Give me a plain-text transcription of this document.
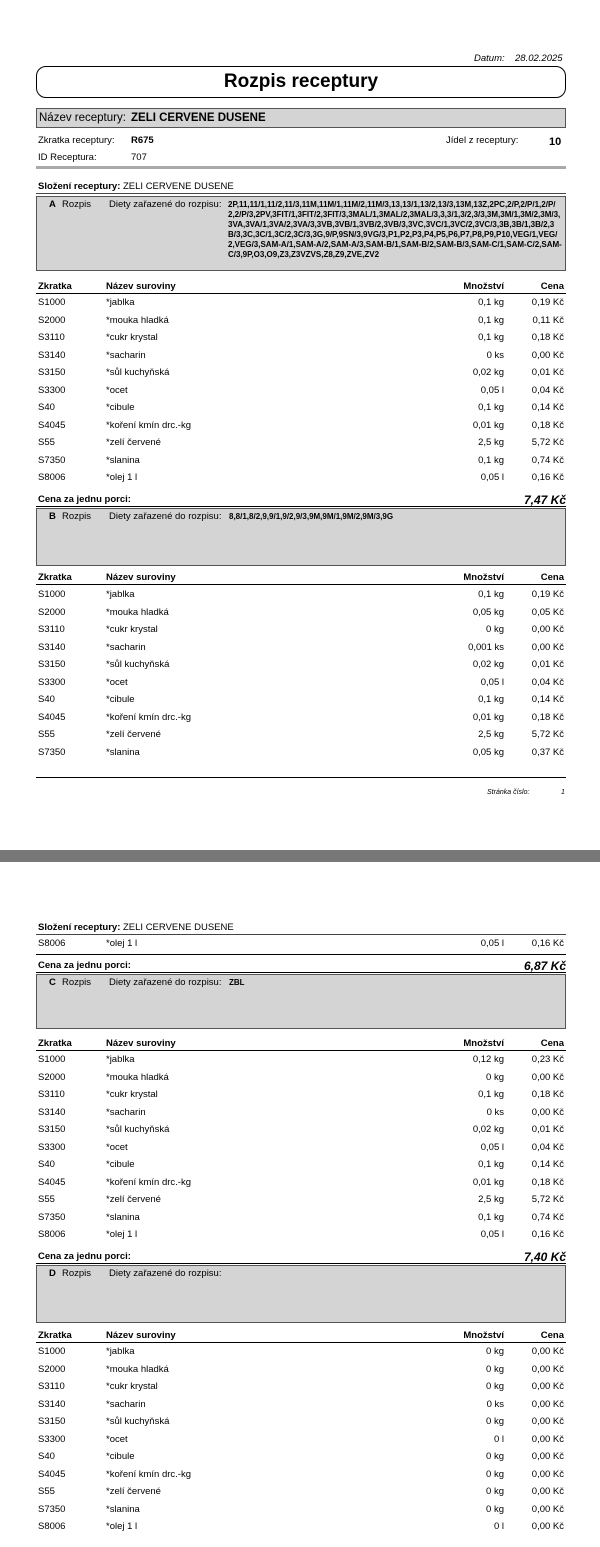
Datum: 28.02.2025
Rozpis receptury
Název receptury: ZELI CERVENE DUSENE
Zkratka receptury: R675	Jídel z receptury:	10
ID Receptura:	707
Složení receptury: ZELI CERVENE DUSENE
A Rozpis Diety zařazené do rozpisu: 2P,11,11/1,11/2,11/3,11M,11M/1,11M/2,11M/3,13,13/1,13/2,13/3,13M,13Z,2PC,2/P,2/P/1,2/P/2,2/P/3,2PV,3FIT/1,3FIT/2,3FIT/3,3MAL/1,3MAL/2,3MAL/3,3,3/1,3/2,3/3,3M,3M/1,3M/2,3M/3,3VA,3VA/1,3VA/2,3VA/3,3VB,3VB/1,3VB/2,3VB/3,3VC,3VC/1,3VC/2,3VC/3,3B,3B/1,3B/2,3B/3,3C,3C/1,3C/2,3C/3,3G,9/P,9SN/3,9VG/3,P1,P2,P3,P4,P5,P6,P7,P8,P9,P10,VEG/1,VEG/2,VEG/3,SAM-A/1,SAM-A/2,SAM-A/3,SAM-B/1,SAM-B/2,SAM-B/3,SAM-C/1,SAM-C/2,SAM-C/3,9P,O3,O9,Z3,Z3VZVS,Z8,Z9,ZVE,ZV2
Zkratka	Název suroviny	Množství	Cena
S1000	*jablka	0,1 kg	0,19 Kč
S2000	*mouka hladká	0,1 kg	0,11 Kč
S3110	*cukr krystal	0,1 kg	0,18 Kč
S3140	*sacharin	0 ks	0,00 Kč
S3150	*sůl kuchyňská	0,02 kg	0,01 Kč
S3300	*ocet	0,05 l	0,04 Kč
S40	*cibule	0,1 kg	0,14 Kč
S4045	*koření kmín drc.-kg	0,01 kg	0,18 Kč
S55	*zelí červené	2,5 kg	5,72 Kč
S7350	*slanina	0,1 kg	0,74 Kč
S8006	*olej 1 l	0,05 l	0,16 Kč
Cena za jednu porci:	7,47 Kč
B Rozpis Diety zařazené do rozpisu: 8,8/1,8/2,9,9/1,9/2,9/3,9M,9M/1,9M/2,9M/3,9G
Zkratka	Název suroviny	Množství	Cena
S1000	*jablka	0,1 kg	0,19 Kč
S2000	*mouka hladká	0,05 kg	0,05 Kč
S3110	*cukr krystal	0 kg	0,00 Kč
S3140	*sacharin	0,001 ks	0,00 Kč
S3150	*sůl kuchyňská	0,02 kg	0,01 Kč
S3300	*ocet	0,05 l	0,04 Kč
S40	*cibule	0,1 kg	0,14 Kč
S4045	*koření kmín drc.-kg	0,01 kg	0,18 Kč
S55	*zelí červené	2,5 kg	5,72 Kč
S7350	*slanina	0,05 kg	0,37 Kč
Stránka číslo:	1
Složení receptury: ZELI CERVENE DUSENE
S8006	*olej 1 l	0,05 l	0,16 Kč
Cena za jednu porci:	6,87 Kč
C Rozpis Diety zařazené do rozpisu: ZBL
Zkratka	Název suroviny	Množství	Cena
S1000	*jablka	0,12 kg	0,23 Kč
S2000	*mouka hladká	0 kg	0,00 Kč
S3110	*cukr krystal	0,1 kg	0,18 Kč
S3140	*sacharin	0 ks	0,00 Kč
S3150	*sůl kuchyňská	0,02 kg	0,01 Kč
S3300	*ocet	0,05 l	0,04 Kč
S40	*cibule	0,1 kg	0,14 Kč
S4045	*koření kmín drc.-kg	0,01 kg	0,18 Kč
S55	*zelí červené	2,5 kg	5,72 Kč
S7350	*slanina	0,1 kg	0,74 Kč
S8006	*olej 1 l	0,05 l	0,16 Kč
Cena za jednu porci:	7,40 Kč
D Rozpis Diety zařazené do rozpisu:
Zkratka	Název suroviny	Množství	Cena
S1000	*jablka	0 kg	0,00 Kč
S2000	*mouka hladká	0 kg	0,00 Kč
S3110	*cukr krystal	0 kg	0,00 Kč
S3140	*sacharin	0 ks	0,00 Kč
S3150	*sůl kuchyňská	0 kg	0,00 Kč
S3300	*ocet	0 l	0,00 Kč
S40	*cibule	0 kg	0,00 Kč
S4045	*koření kmín drc.-kg	0 kg	0,00 Kč
S55	*zelí červené	0 kg	0,00 Kč
S7350	*slanina	0 kg	0,00 Kč
S8006	*olej 1 l	0 l	0,00 Kč
